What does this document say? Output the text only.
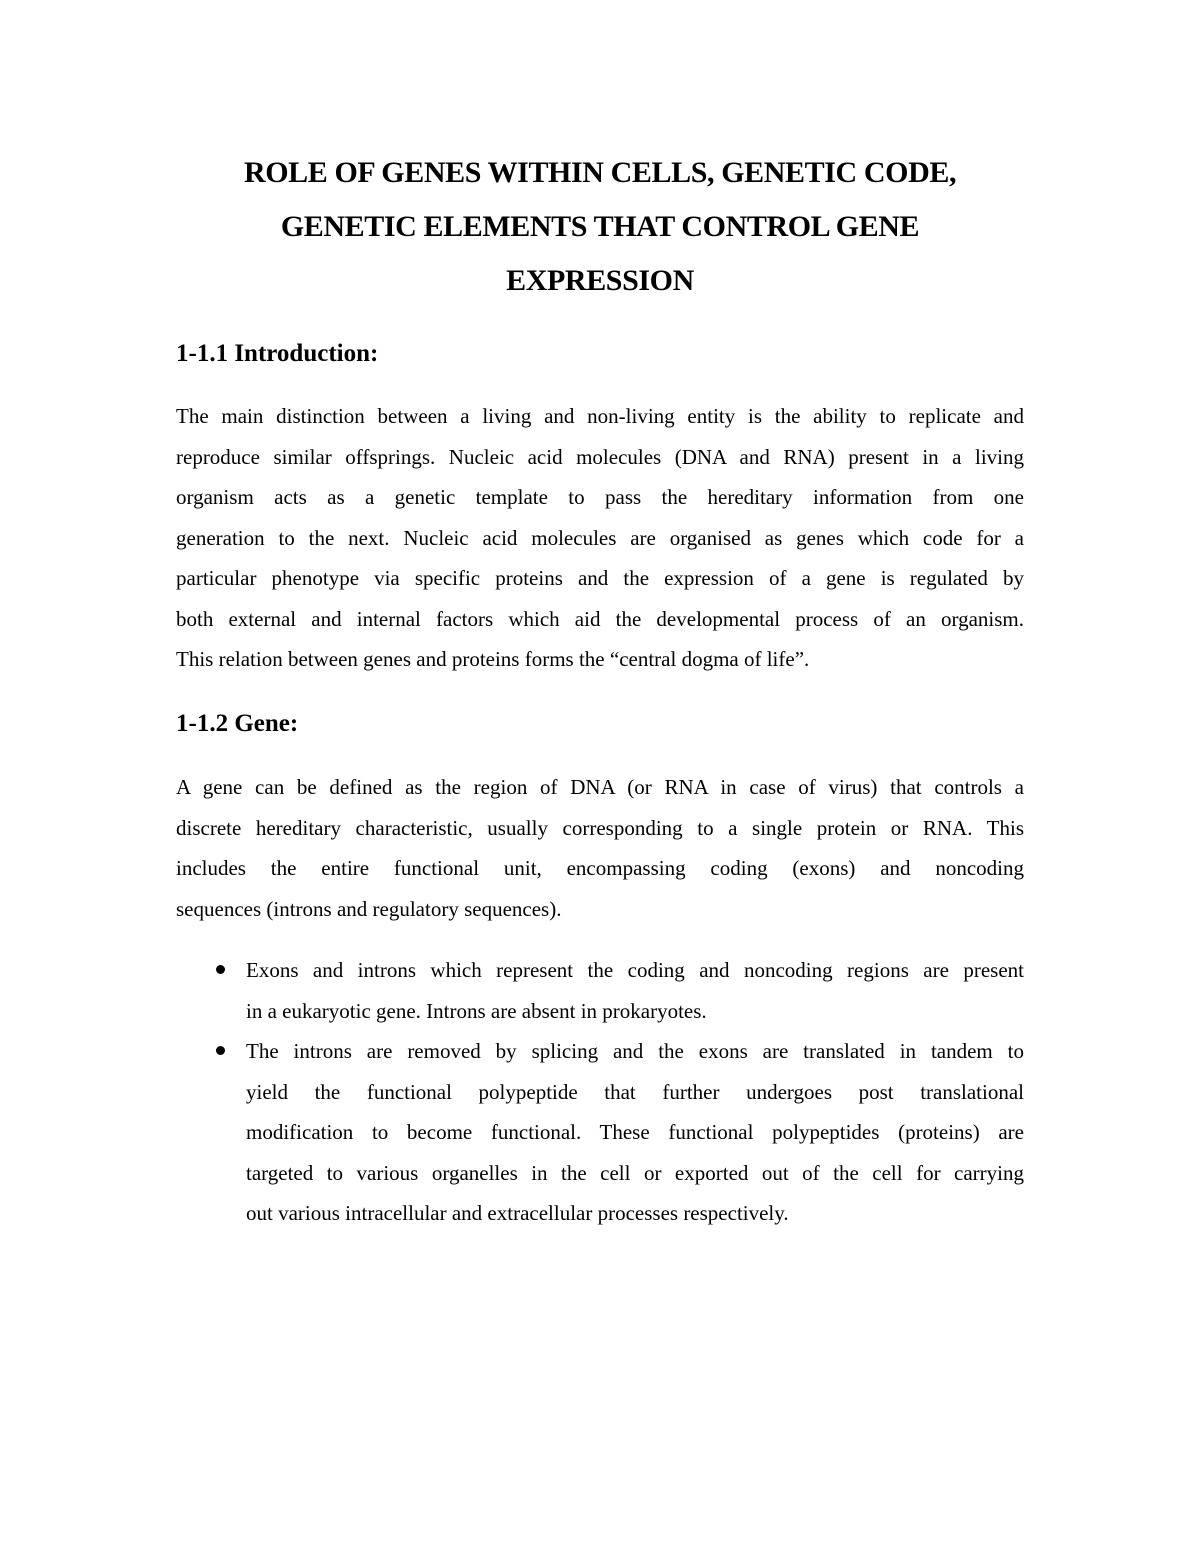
ROLE OF GENES WITHIN CELLS, GENETIC CODE,
GENETIC ELEMENTS THAT CONTROL GENE
EXPRESSION
1-1.1 Introduction:
The main distinction between a living and non-living entity is the ability to replicate and
reproduce similar offsprings. Nucleic acid molecules (DNA and RNA) present in a living
organism acts as a genetic template to pass the hereditary information from one
generation to the next. Nucleic acid molecules are organised as genes which code for a
particular phenotype via specific proteins and the expression of a gene is regulated by
both external and internal factors which aid the developmental process of an organism.
This relation between genes and proteins forms the “central dogma of life”.
1-1.2 Gene:
A gene can be defined as the region of DNA (or RNA in case of virus) that controls a
discrete hereditary characteristic, usually corresponding to a single protein or RNA. This
includes the entire functional unit, encompassing coding (exons) and noncoding
sequences (introns and regulatory sequences).
Exons and introns which represent the coding and noncoding regions are present
in a eukaryotic gene. Introns are absent in prokaryotes.
The introns are removed by splicing and the exons are translated in tandem to
yield the functional polypeptide that further undergoes post translational
modification to become functional. These functional polypeptides (proteins) are
targeted to various organelles in the cell or exported out of the cell for carrying
out various intracellular and extracellular processes respectively.
